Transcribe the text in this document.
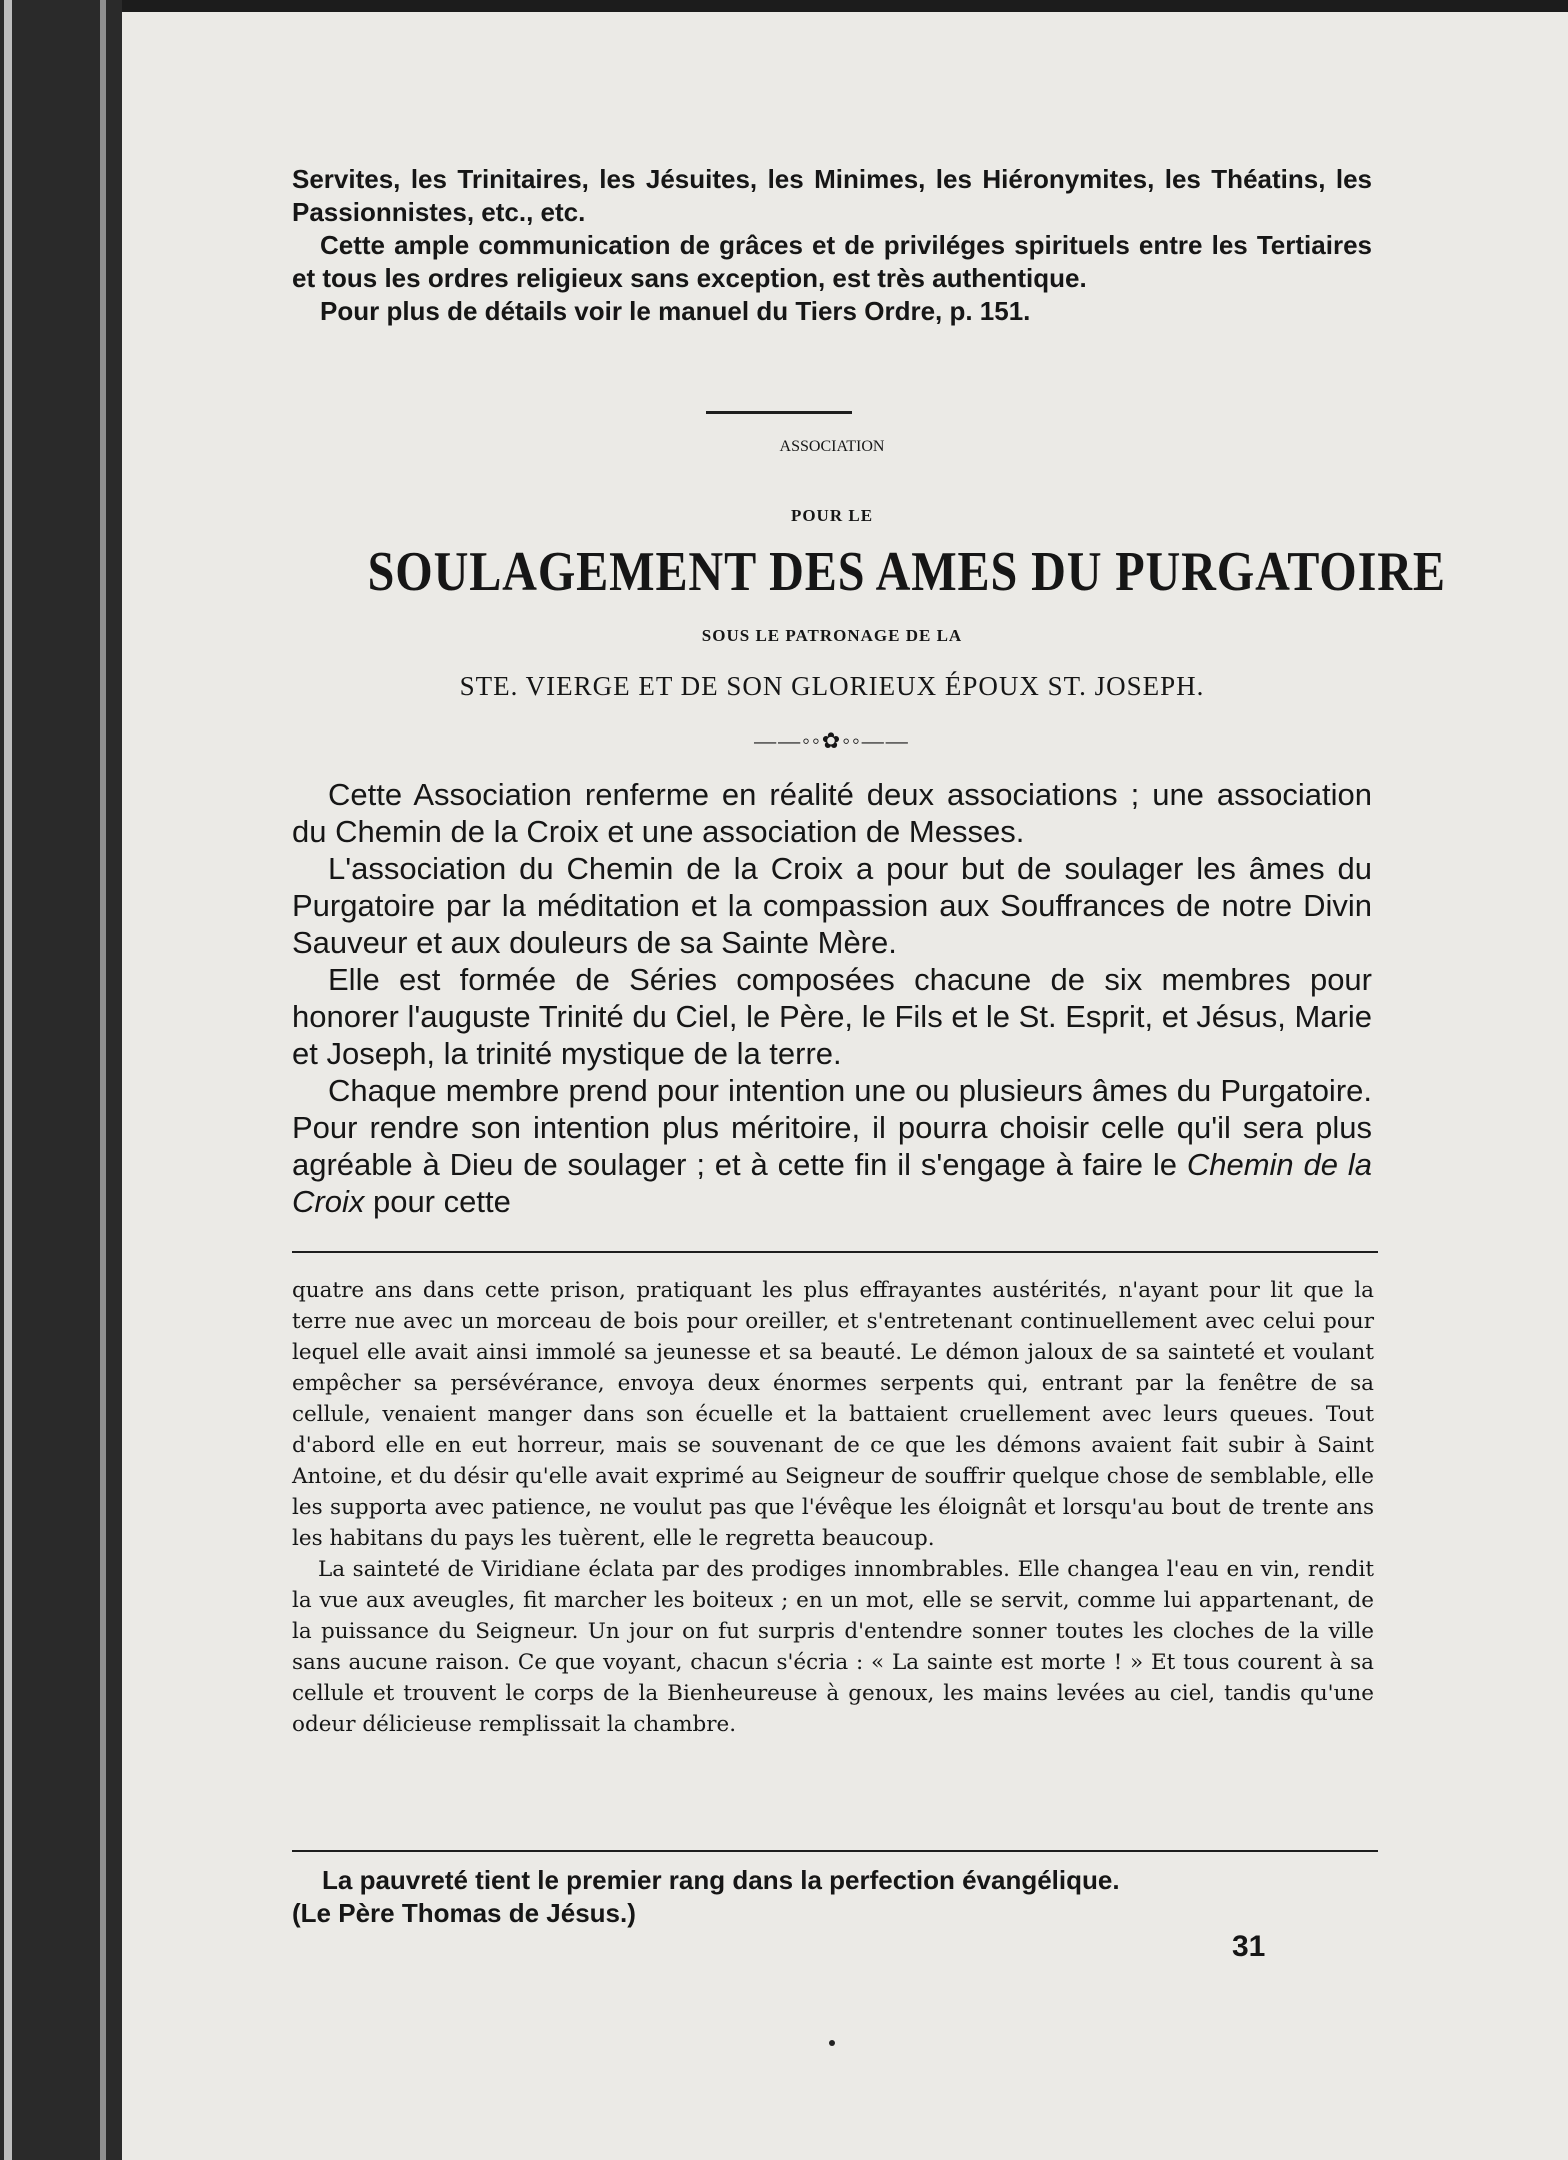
Servites, les Trinitaires, les Jésuites, les Minimes, les Hiéronymites, les Théatins, les Passionnistes, etc., etc.

Cette ample communication de grâces et de priviléges spirituels entre les Tertiaires et tous les ordres religieux sans exception, est très authentique.

Pour plus de détails voir le manuel du Tiers Ordre, p. 151.

ASSOCIATION
POUR LE
SOULAGEMENT DES AMES DU PURGATOIRE
SOUS LE PATRONAGE DE LA
STE. VIERGE ET DE SON GLORIEUX ÉPOUX ST. JOSEPH.
——◦◦✿◦◦——

Cette Association renferme en réalité deux associations ; une association du Chemin de la Croix et une association de Messes.

L'association du Chemin de la Croix a pour but de soulager les âmes du Purgatoire par la méditation et la compassion aux Souffrances de notre Divin Sauveur et aux douleurs de sa Sainte Mère.

Elle est formée de Séries composées chacune de six membres pour honorer l'auguste Trinité du Ciel, le Père, le Fils et le St. Esprit, et Jésus, Marie et Joseph, la trinité mystique de la terre.

Chaque membre prend pour intention une ou plusieurs âmes du Purgatoire. Pour rendre son intention plus méritoire, il pourra choisir celle qu'il sera plus agréable à Dieu de soulager ; et à cette fin il s'engage à faire le Chemin de la Croix pour cette

quatre ans dans cette prison, pratiquant les plus effrayantes austérités, n'ayant pour lit que la terre nue avec un morceau de bois pour oreiller, et s'entretenant continuellement avec celui pour lequel elle avait ainsi immolé sa jeunesse et sa beauté. Le démon jaloux de sa sainteté et voulant empêcher sa persévérance, envoya deux énormes serpents qui, entrant par la fenêtre de sa cellule, venaient manger dans son écuelle et la battaient cruellement avec leurs queues. Tout d'abord elle en eut horreur, mais se souvenant de ce que les démons avaient fait subir à Saint Antoine, et du désir qu'elle avait exprimé au Seigneur de souffrir quelque chose de semblable, elle les supporta avec patience, ne voulut pas que l'évêque les éloignât et lorsqu'au bout de trente ans les habitans du pays les tuèrent, elle le regretta beaucoup.

La sainteté de Viridiane éclata par des prodiges innombrables. Elle changea l'eau en vin, rendit la vue aux aveugles, fit marcher les boiteux ; en un mot, elle se servit, comme lui appartenant, de la puissance du Seigneur. Un jour on fut surpris d'entendre sonner toutes les cloches de la ville sans aucune raison. Ce que voyant, chacun s'écria : « La sainte est morte ! » Et tous courent à sa cellule et trouvent le corps de la Bienheureuse à genoux, les mains levées au ciel, tandis qu'une odeur délicieuse remplissait la chambre.

La pauvreté tient le premier rang dans la perfection évangélique.

(Le Père Thomas de Jésus.)

31
